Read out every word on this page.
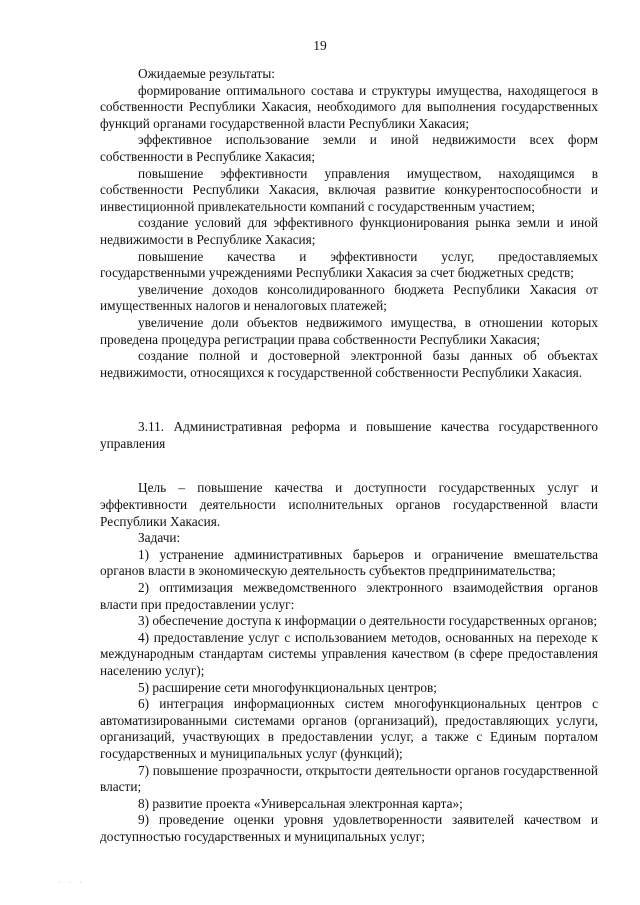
19

Ожидаемые результаты:

формирование оптимального состава и структуры имущества, находящегося в собственности Республики Хакасия, необходимого для выполнения государственных функций органами государственной власти Республики Хакасия;

эффективное использование земли и иной недвижимости всех форм собственности в Республике Хакасия;

повышение эффективности управления имуществом, находящимся в собственности Республики Хакасия, включая развитие конкурентоспособности и инвестиционной привлекательности компаний с государственным участием;

создание условий для эффективного функционирования рынка земли и иной недвижимости в Республике Хакасия;

повышение качества и эффективности услуг, предоставляемых государственными учреждениями Республики Хакасия за счет бюджетных средств;

увеличение доходов консолидированного бюджета Республики Хакасия от имущественных налогов и неналоговых платежей;

увеличение доли объектов недвижимого имущества, в отношении которых проведена процедура регистрации права собственности Республики Хакасия;

создание полной и достоверной электронной базы данных об объектах недвижимости, относящихся к государственной собственности Республики Хакасия.

3.11. Административная реформа и повышение качества государственного управления

Цель – повышение качества и доступности государственных услуг и эффективности деятельности исполнительных органов государственной власти Республики Хакасия.

Задачи:

1) устранение административных барьеров и ограничение вмешательства органов власти в экономическую деятельность субъектов предпринимательства;

2) оптимизация межведомственного электронного взаимодействия органов власти при предоставлении услуг:

3) обеспечение доступа к информации о деятельности государственных органов;

4) предоставление услуг с использованием методов, основанных на переходе к международным стандартам системы управления качеством (в сфере предоставления населению услуг);

5) расширение сети многофункциональных центров;

6) интеграция информационных систем многофункциональных центров с автоматизированными системами органов (организаций), предоставляющих услуги, организаций, участвующих в предоставлении услуг, а также с Единым порталом государственных и муниципальных услуг (функций);

7) повышение прозрачности, открытости деятельности органов государственной власти;

8) развитие проекта «Универсальная электронная карта»;

9) проведение оценки уровня удовлетворенности заявителей качеством и доступностью государственных и муниципальных услуг;

· · ·
